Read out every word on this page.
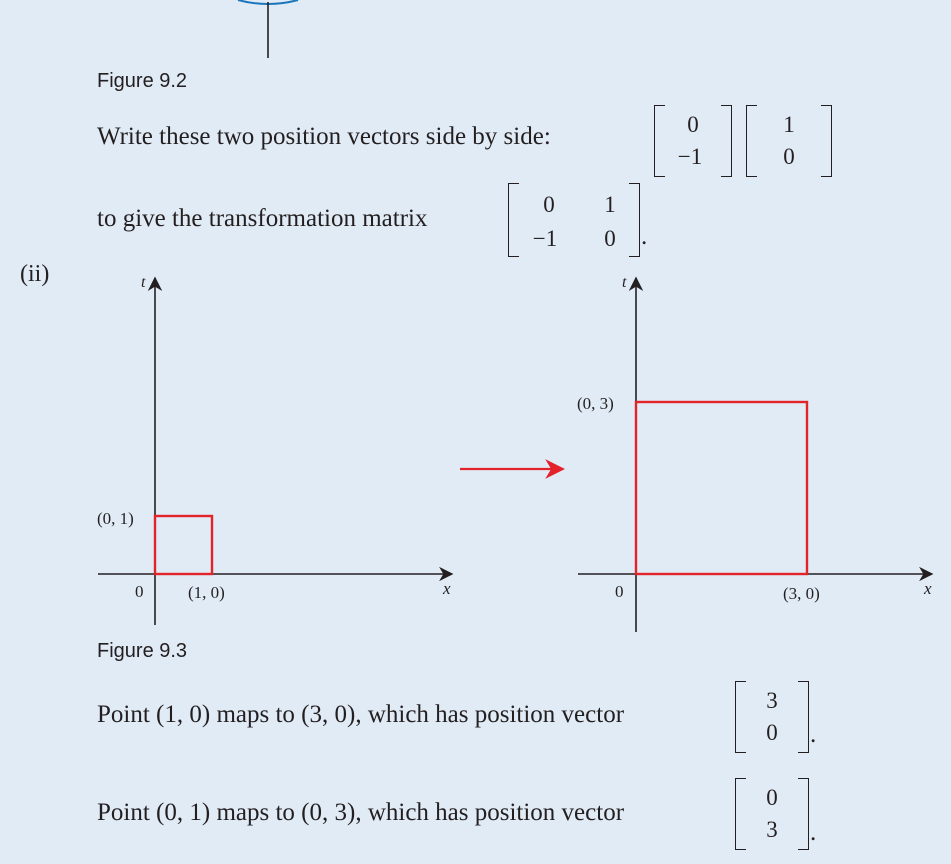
Figure 9.2
Write these two position vectors side by side:	0
−1
1
0
to give the transformation matrix
0	1
−1	0	.
(ii)	t
x
0	(1, 0)
(0, 1)
t
x
0	(3, 0)
(0, 3)
Figure 9.3
Point (1, 0) maps to (3, 0), which has position vector
3
0	.
Point (0, 1) maps to (0, 3), which has position vector
0
3	.
